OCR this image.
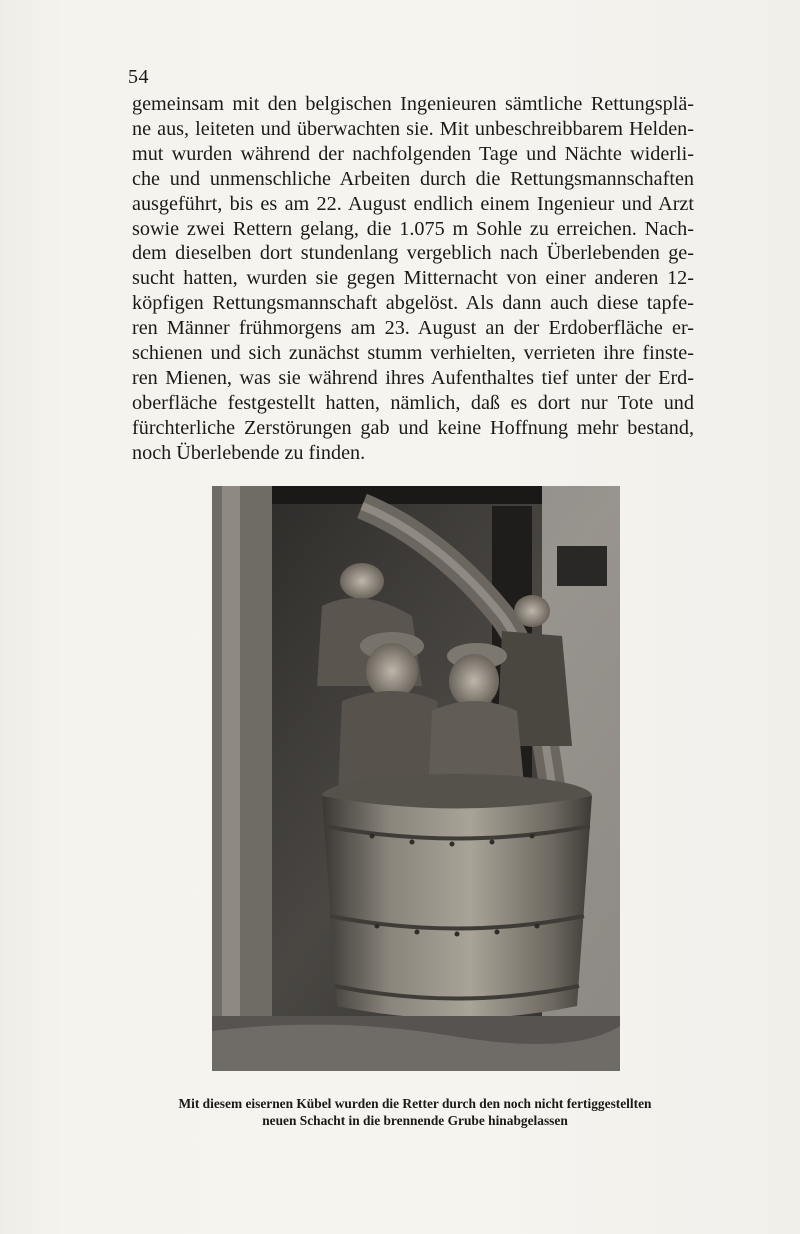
54

gemeinsam mit den belgischen Ingenieuren sämtliche Rettungsplä-
ne aus, leiteten und überwachten sie. Mit unbeschreibbarem Helden-
mut wurden während der nachfolgenden Tage und Nächte widerli-
che und unmenschliche Arbeiten durch die Rettungsmannschaften
ausgeführt, bis es am 22. August endlich einem Ingenieur und Arzt
sowie zwei Rettern gelang, die 1.075 m Sohle zu erreichen. Nach-
dem dieselben dort stundenlang vergeblich nach Überlebenden ge-
sucht hatten, wurden sie gegen Mitternacht von einer anderen 12-
köpfigen Rettungsmannschaft abgelöst. Als dann auch diese tapfe-
ren Männer frühmorgens am 23. August an der Erdoberfläche er-
schienen und sich zunächst stumm verhielten, verrieten ihre finste-
ren Mienen, was sie während ihres Aufenthaltes tief unter der Erd-
oberfläche festgestellt hatten, nämlich, daß es dort nur Tote und
fürchterliche Zerstörungen gab und keine Hoffnung mehr bestand,
noch Überlebende zu finden.

Mit diesem eisernen Kübel wurden die Retter durch den noch nicht fertiggestellten
neuen Schacht in die brennende Grube hinabgelassen
